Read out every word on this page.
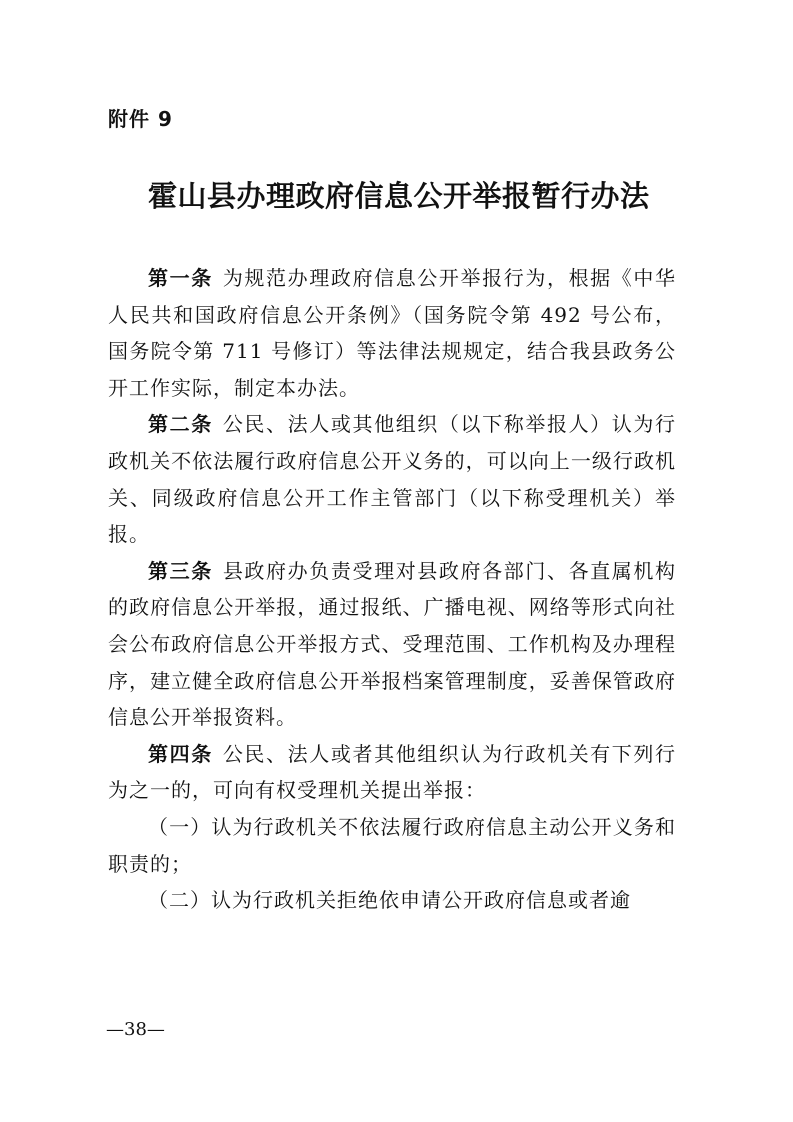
附件 9
霍山县办理政府信息公开举报暂行办法

第一条 为规范办理政府信息公开举报行为，根据《中华人民共和国政府信息公开条例》（国务院令第 492 号公布，国务院令第 711 号修订）等法律法规规定，结合我县政务公开工作实际，制定本办法。

第二条 公民、法人或其他组织（以下称举报人）认为行政机关不依法履行政府信息公开义务的，可以向上一级行政机关、同级政府信息公开工作主管部门（以下称受理机关）举报。

第三条 县政府办负责受理对县政府各部门、各直属机构的政府信息公开举报，通过报纸、广播电视、网络等形式向社会公布政府信息公开举报方式、受理范围、工作机构及办理程序，建立健全政府信息公开举报档案管理制度，妥善保管政府信息公开举报资料。

第四条 公民、法人或者其他组织认为行政机关有下列行为之一的，可向有权受理机关提出举报：

（一）认为行政机关不依法履行政府信息主动公开义务和职责的；

（二）认为行政机关拒绝依申请公开政府信息或者逾

—38—
